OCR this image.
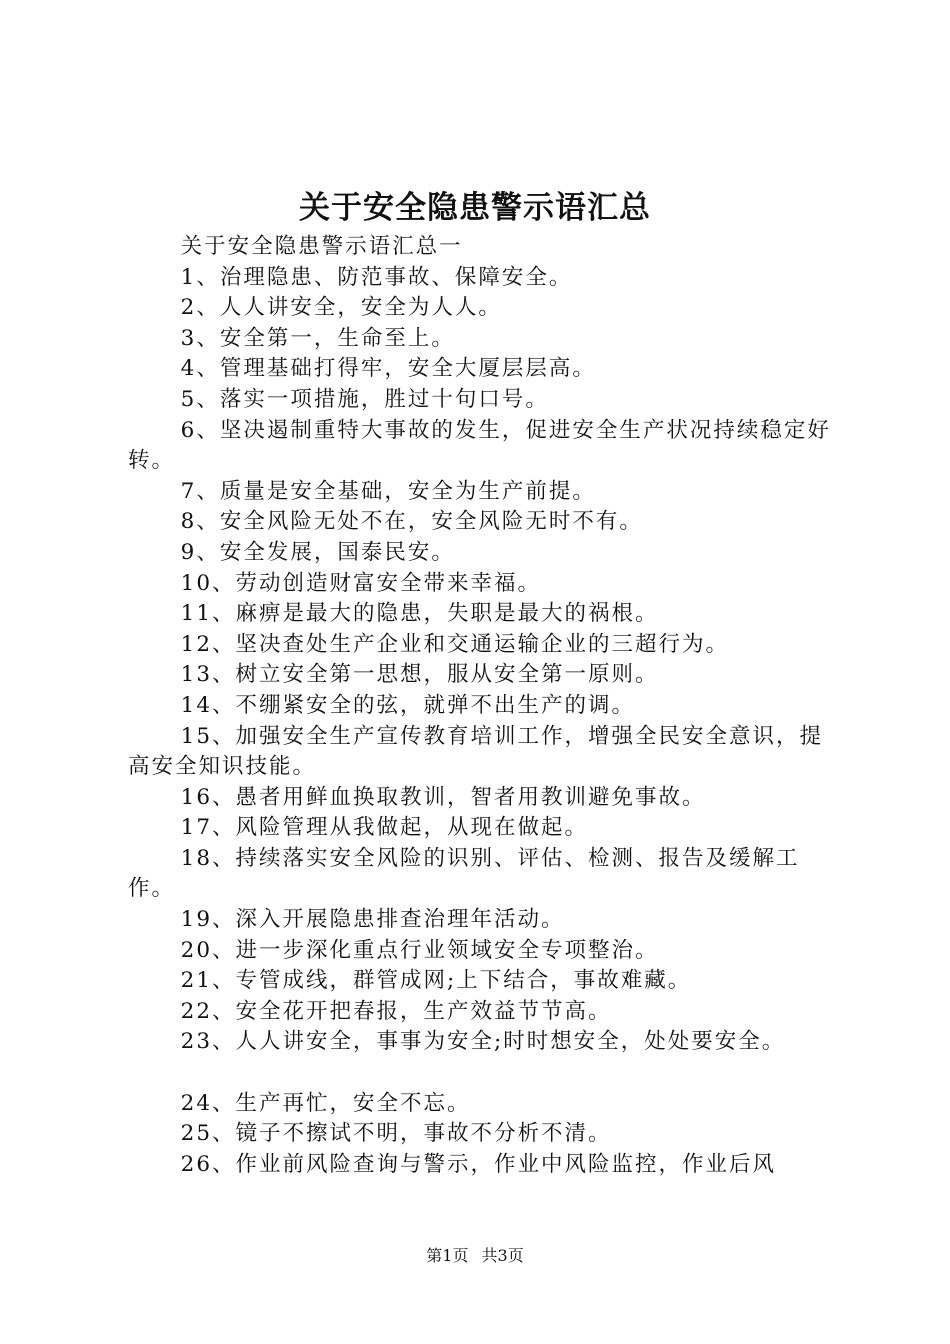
关于安全隐患警示语汇总

关于安全隐患警示语汇总一

1、治理隐患、防范事故、保障安全。

2、人人讲安全，安全为人人。

3、安全第一，生命至上。

4、管理基础打得牢，安全大厦层层高。

5、落实一项措施，胜过十句口号。

6、坚决遏制重特大事故的发生，促进安全生产状况持续稳定好转。

7、质量是安全基础，安全为生产前提。

8、安全风险无处不在，安全风险无时不有。

9、安全发展，国泰民安。

10、劳动创造财富安全带来幸福。

11、麻痹是最大的隐患，失职是最大的祸根。

12、坚决查处生产企业和交通运输企业的三超行为。

13、树立安全第一思想，服从安全第一原则。

14、不绷紧安全的弦，就弹不出生产的调。

15、加强安全生产宣传教育培训工作，增强全民安全意识，提高安全知识技能。

16、愚者用鲜血换取教训，智者用教训避免事故。

17、风险管理从我做起，从现在做起。

18、持续落实安全风险的识别、评估、检测、报告及缓解工作。

19、深入开展隐患排查治理年活动。

20、进一步深化重点行业领域安全专项整治。

21、专管成线，群管成网;上下结合，事故难藏。

22、安全花开把春报，生产效益节节高。

23、人人讲安全，事事为安全;时时想安全，处处要安全。

24、生产再忙，安全不忘。

25、镜子不擦试不明，事故不分析不清。

26、作业前风险查询与警示，作业中风险监控，作业后风

第1页 共3页
